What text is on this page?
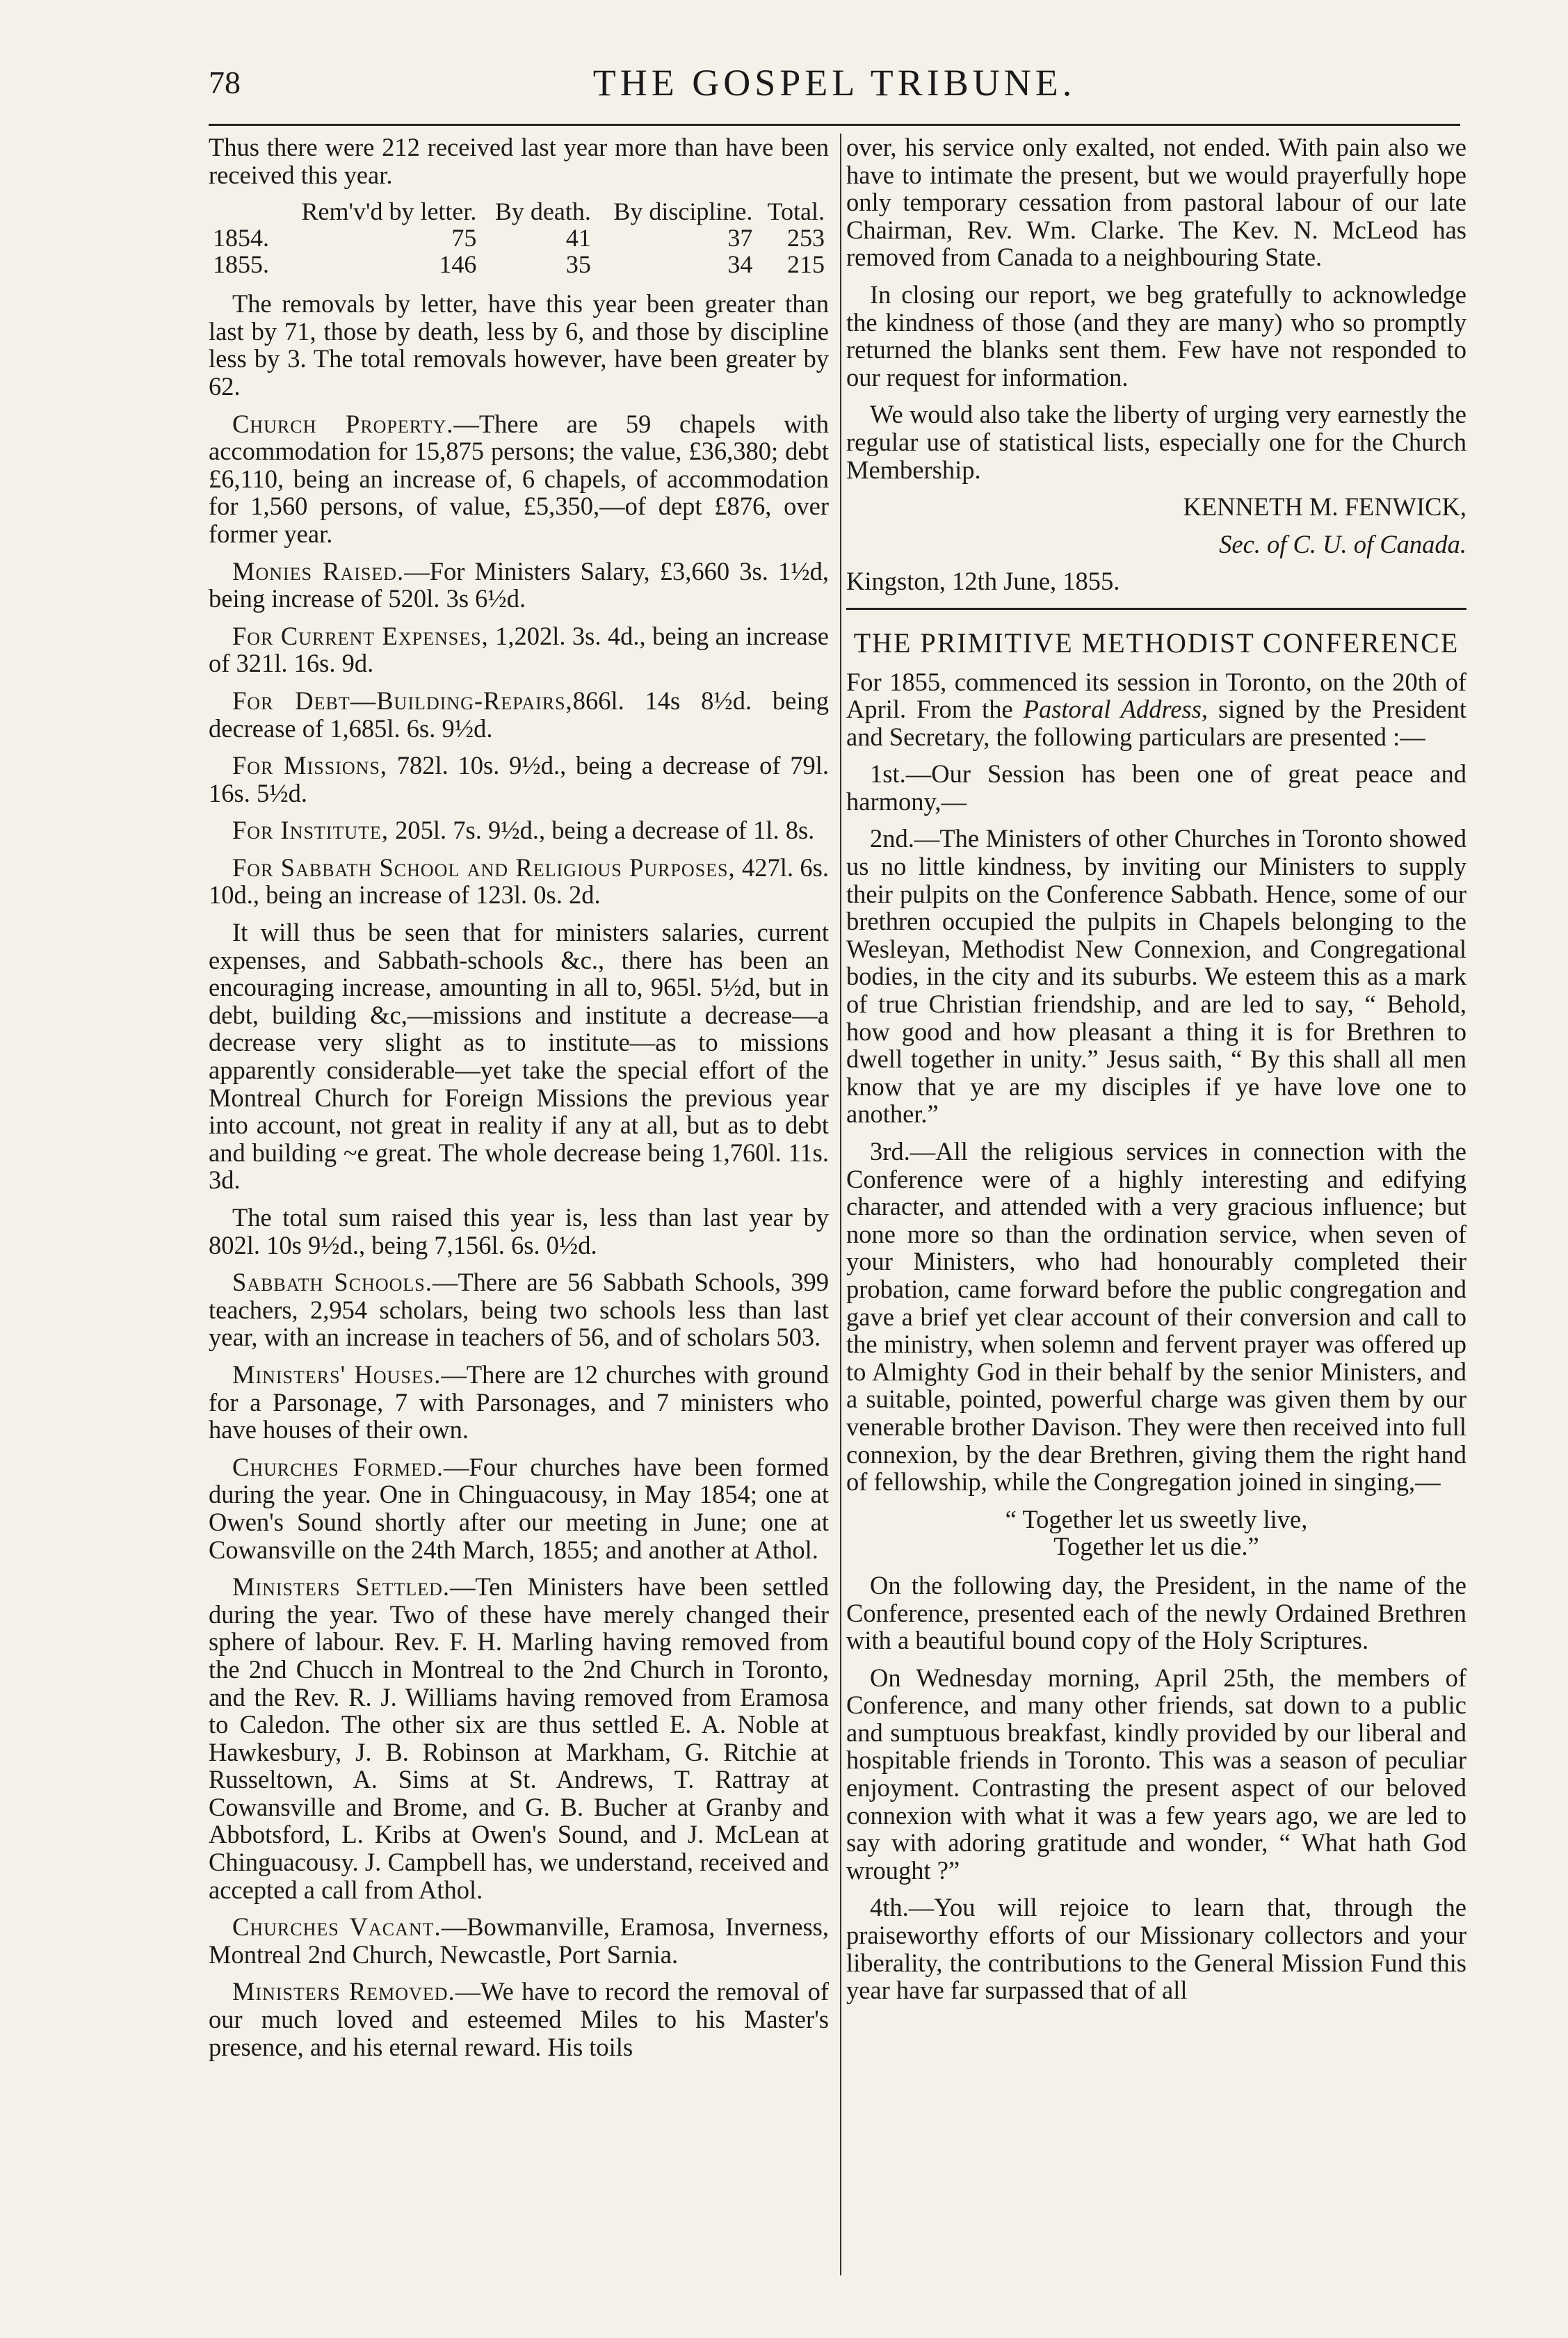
78	THE GOSPEL TRIBUNE.

Thus there were 212 received last year more than have been received this year.

	Rem'v'd by letter.	By death.	By discipline.	Total.
1854.	75	41	37	253
1855.	146	35	34	215

The removals by letter, have this year been greater than last by 71, those by death, less by 6, and those by discipline less by 3. The total removals however, have been greater by 62.

Church Property.—There are 59 chapels with accommodation for 15,875 persons; the value, £36,380; debt £6,110, being an increase of, 6 chapels, of accommodation for 1,560 persons, of value, £5,350,—of dept £876, over former year.

Monies Raised.—For Ministers Salary, £3,660 3s. 1½d, being increase of 520l. 3s 6½d.

For Current Expenses, 1,202l. 3s. 4d., being an increase of 321l. 16s. 9d.

For Debt—Building-Repairs,866l. 14s 8½d. being decrease of 1,685l. 6s. 9½d.

For Missions, 782l. 10s. 9½d., being a decrease of 79l. 16s. 5½d.

For Institute, 205l. 7s. 9½d., being a decrease of 1l. 8s.

For Sabbath School and Religious Purposes, 427l. 6s. 10d., being an increase of 123l. 0s. 2d.

It will thus be seen that for ministers salaries, current expenses, and Sabbath-schools &c., there has been an encouraging increase, amounting in all to, 965l. 5½d, but in debt, building &c,—missions and institute a decrease—a decrease very slight as to institute—as to missions apparently considerable—yet take the special effort of the Montreal Church for Foreign Missions the previous year into account, not great in reality if any at all, but as to debt and building ~e great. The whole decrease being 1,760l. 11s. 3d.

The total sum raised this year is, less than last year by 802l. 10s 9½d., being 7,156l. 6s. 0½d.

Sabbath Schools.—There are 56 Sabbath Schools, 399 teachers, 2,954 scholars, being two schools less than last year, with an increase in teachers of 56, and of scholars 503.

Ministers' Houses.—There are 12 churches with ground for a Parsonage, 7 with Parsonages, and 7 ministers who have houses of their own.

Churches Formed.—Four churches have been formed during the year. One in Chinguacousy, in May 1854; one at Owen's Sound shortly after our meeting in June; one at Cowansville on the 24th March, 1855; and another at Athol.

Ministers Settled.—Ten Ministers have been settled during the year. Two of these have merely changed their sphere of labour. Rev. F. H. Marling having removed from the 2nd Chucch in Montreal to the 2nd Church in Toronto, and the Rev. R. J. Williams having removed from Eramosa to Caledon. The other six are thus settled E. A. Noble at Hawkesbury, J. B. Robinson at Markham, G. Ritchie at Russeltown, A. Sims at St. Andrews, T. Rattray at Cowansville and Brome, and G. B. Bucher at Granby and Abbotsford, L. Kribs at Owen's Sound, and J. McLean at Chinguacousy. J. Campbell has, we understand, received and accepted a call from Athol.

Churches Vacant.—Bowmanville, Eramosa, Inverness, Montreal 2nd Church, Newcastle, Port Sarnia.

Ministers Removed.—We have to record the removal of our much loved and esteemed Miles to his Master's presence, and his eternal reward. His toils

over, his service only exalted, not ended. With pain also we have to intimate the present, but we would prayerfully hope only temporary cessation from pastoral labour of our late Chairman, Rev. Wm. Clarke. The Kev. N. McLeod has removed from Canada to a neighbouring State.

In closing our report, we beg gratefully to acknowledge the kindness of those (and they are many) who so promptly returned the blanks sent them. Few have not responded to our request for information.

We would also take the liberty of urging very earnestly the regular use of statistical lists, especially one for the Church Membership.

KENNETH M. FENWICK,

Sec. of C. U. of Canada.

Kingston, 12th June, 1855.

THE PRIMITIVE METHODIST CONFERENCE

For 1855, commenced its session in Toronto, on the 20th of April. From the Pastoral Address, signed by the President and Secretary, the following particulars are presented :—

1st.—Our Session has been one of great peace and harmony,—

2nd.—The Ministers of other Churches in Toronto showed us no little kindness, by inviting our Ministers to supply their pulpits on the Conference Sabbath. Hence, some of our brethren occupied the pulpits in Chapels belonging to the Wesleyan, Methodist New Connexion, and Congregational bodies, in the city and its suburbs. We esteem this as a mark of true Christian friendship, and are led to say, “ Behold, how good and how pleasant a thing it is for Brethren to dwell together in unity.” Jesus saith, “ By this shall all men know that ye are my disciples if ye have love one to another.”

3rd.—All the religious services in connection with the Conference were of a highly interesting and edifying character, and attended with a very gracious influence; but none more so than the ordination service, when seven of your Ministers, who had honourably completed their probation, came forward before the public congregation and gave a brief yet clear account of their conversion and call to the ministry, when solemn and fervent prayer was offered up to Almighty God in their behalf by the senior Ministers, and a suitable, pointed, powerful charge was given them by our venerable brother Davison. They were then received into full connexion, by the dear Brethren, giving them the right hand of fellowship, while the Congregation joined in singing,—

“ Together let us sweetly live,
Together let us die.”

On the following day, the President, in the name of the Conference, presented each of the newly Ordained Brethren with a beautiful bound copy of the Holy Scriptures.

On Wednesday morning, April 25th, the members of Conference, and many other friends, sat down to a public and sumptuous breakfast, kindly provided by our liberal and hospitable friends in Toronto. This was a season of peculiar enjoyment. Contrasting the present aspect of our beloved connexion with what it was a few years ago, we are led to say with adoring gratitude and wonder, “ What hath God wrought ?”

4th.—You will rejoice to learn that, through the praiseworthy efforts of our Missionary collectors and your liberality, the contributions to the General Mission Fund this year have far surpassed that of all
